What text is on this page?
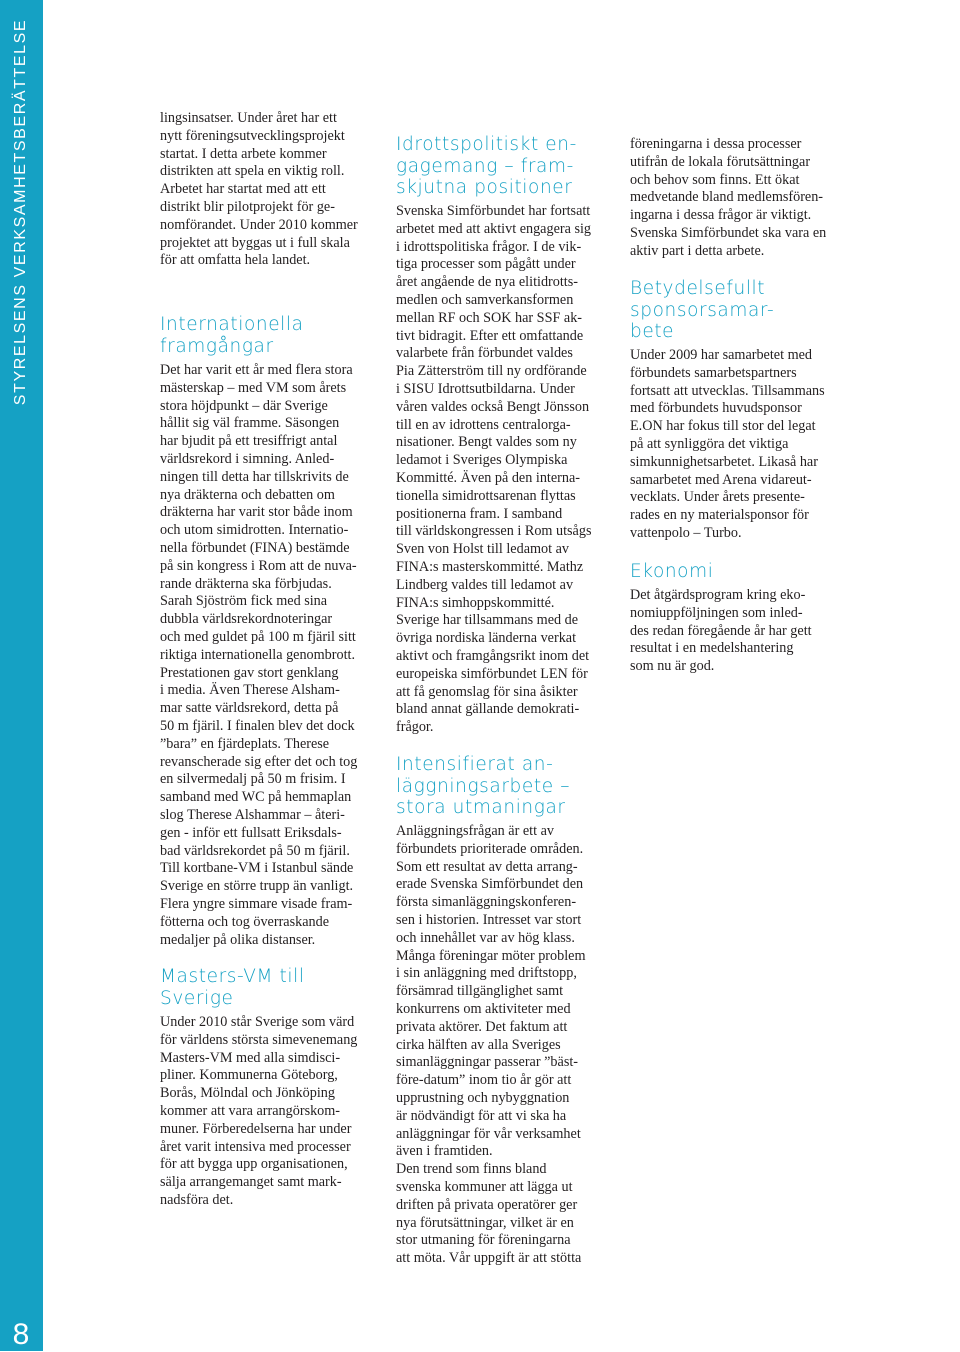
STYRELSENS VERKSAMHETSBERÄTTELSE
8

lingsinsatser. Under året har ett
nytt föreningsutvecklingsprojekt
startat. I detta arbete kommer
distrikten att spela en viktig roll.
Arbetet har startat med att ett
distrikt blir pilotprojekt för ge-
nomförandet. Under 2010 kommer
projektet att byggas ut i full skala
för att omfatta hela landet.

Internationella
framgångar

Det har varit ett år med flera stora
mästerskap – med VM som årets
stora höjdpunkt – där Sverige
hållit sig väl framme. Säsongen
har bjudit på ett tresiffrigt antal
världsrekord i simning. Anled-
ningen till detta har tillskrivits de
nya dräkterna och debatten om
dräkterna har varit stor både inom
och utom simidrotten. Internatio-
nella förbundet (FINA) bestämde
på sin kongress i Rom att de nuva-
rande dräkterna ska förbjudas.
Sarah Sjöström fick med sina
dubbla världsrekordnoteringar
och med guldet på 100 m fjäril sitt
riktiga internationella genombrott.
Prestationen gav stort genklang
i media. Även Therese Alsham-
mar satte världsrekord, detta på
50 m fjäril. I finalen blev det dock
”bara” en fjärdeplats. Therese
revanscherade sig efter det och tog
en silvermedalj på 50 m frisim. I
samband med WC på hemmaplan
slog Therese Alshammar – återi-
gen - inför ett fullsatt Eriksdals-
bad världsrekordet på 50 m fjäril.
Till kortbane-VM i Istanbul sände
Sverige en större trupp än vanligt.
Flera yngre simmare visade fram-
fötterna och tog överraskande
medaljer på olika distanser.

Masters-VM till
Sverige

Under 2010 står Sverige som värd
för världens största simevenemang
Masters-VM med alla simdisci-
pliner. Kommunerna Göteborg,
Borås, Mölndal och Jönköping
kommer att vara arrangörskom-
muner. Förberedelserna har under
året varit intensiva med processer
för att bygga upp organisationen,
sälja arrangemanget samt mark-
nadsföra det.

Idrottspolitiskt en-
gagemang – fram-
skjutna positioner

Svenska Simförbundet har fortsatt
arbetet med att aktivt engagera sig
i idrottspolitiska frågor. I de vik-
tiga processer som pågått under
året angående de nya elitidrotts-
medlen och samverkansformen
mellan RF och SOK har SSF ak-
tivt bidragit. Efter ett omfattande
valarbete från förbundet valdes
Pia Zätterström till ny ordförande
i SISU Idrottsutbildarna. Under
våren valdes också Bengt Jönsson
till en av idrottens centralorga-
nisationer. Bengt valdes som ny
ledamot i Sveriges Olympiska
Kommitté. Även på den interna-
tionella simidrottsarenan flyttas
positionerna fram. I samband
till världskongressen i Rom utsågs
Sven von Holst till ledamot av
FINA:s masterskommitté. Mathz
Lindberg valdes till ledamot av
FINA:s simhoppskommitté.
Sverige har tillsammans med de
övriga nordiska länderna verkat
aktivt och framgångsrikt inom det
europeiska simförbundet LEN för
att få genomslag för sina åsikter
bland annat gällande demokrati-
frågor.

Intensifierat an-
läggningsarbete –
stora utmaningar

Anläggningsfrågan är ett av
förbundets prioriterade områden.
Som ett resultat av detta arrang-
erade Svenska Simförbundet den
första simanläggningskonferen-
sen i historien. Intresset var stort
och innehållet var av hög klass.
Många föreningar möter problem
i sin anläggning med driftstopp,
försämrad tillgänglighet samt
konkurrens om aktiviteter med
privata aktörer. Det faktum att
cirka hälften av alla Sveriges
simanläggningar passerar ”bäst-
före-datum” inom tio år gör att
upprustning och nybyggnation
är nödvändigt för att vi ska ha
anläggningar för vår verksamhet
även i framtiden.
Den trend som finns bland
svenska kommuner att lägga ut
driften på privata operatörer ger
nya förutsättningar, vilket är en
stor utmaning för föreningarna
att möta. Vår uppgift är att stötta

föreningarna i dessa processer
utifrån de lokala förutsättningar
och behov som finns. Ett ökat
medvetande bland medlemsfören-
ingarna i dessa frågor är viktigt.
Svenska Simförbundet ska vara en
aktiv part i detta arbete.

Betydelsefullt
sponsorsamar-
bete

Under 2009 har samarbetet med
förbundets samarbetspartners
fortsatt att utvecklas. Tillsammans
med förbundets huvudsponsor
E.ON har fokus till stor del legat
på att synliggöra det viktiga
simkunnighetsarbetet. Likaså har
samarbetet med Arena vidareut-
vecklats. Under årets presente-
rades en ny materialsponsor för
vattenpolo – Turbo.

Ekonomi

Det åtgärdsprogram kring eko-
nomiuppföljningen som inled-
des redan föregående år har gett
resultat i en medelshantering
som nu är god.
